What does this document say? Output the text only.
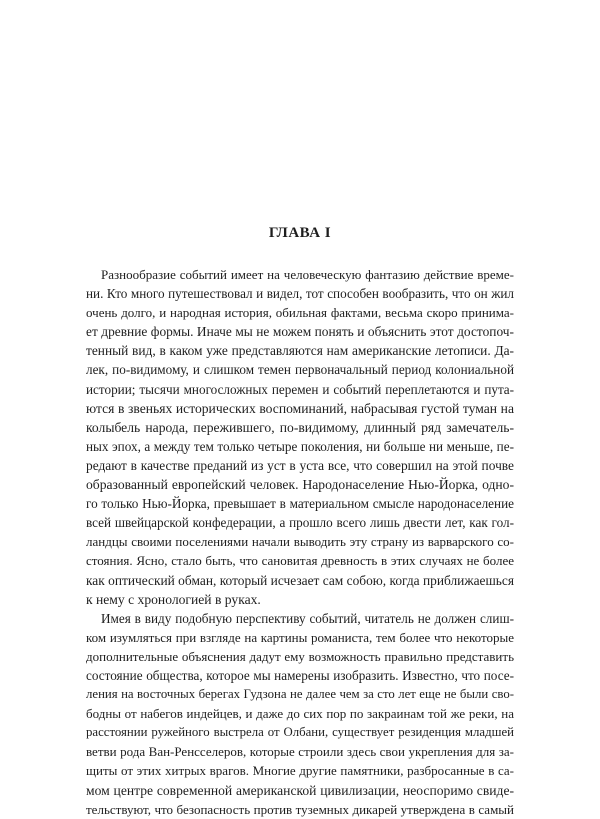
ГЛАВА I
Разнообразие событий имеет на человеческую фантазию действие време-
ни. Кто много путешествовал и видел, тот способен вообразить, что он жил
очень долго, и народная история, обильная фактами, весьма скоро принима-
ет древние формы. Иначе мы не можем понять и объяснить этот достопоч-
тенный вид, в каком уже представляются нам американские летописи. Да-
лек, по-видимому, и слишком темен первоначальный период колониальной
истории; тысячи многосложных перемен и событий переплетаются и путa-
ются в звеньях исторических воспоминаний, набрасывая густой туман на
колыбель народа, пережившего, по-видимому, длинный ряд замечатель-
ных эпох, а между тем только четыре поколения, ни больше ни меньше, пе-
редают в качестве преданий из уст в уста все, что совершил на этой почве
образованный европейский человек. Народонаселение Нью-Йорка, одно-
го только Нью-Йорка, превышает в материальном смысле народонаселение
всей швейцарской конфедерации, а прошло всего лишь двести лет, как гол-
ландцы своими поселениями начали выводить эту страну из варварского со-
стояния. Ясно, стало быть, что сановитая древность в этих случаях не более
как оптический обман, который исчезает сам собою, когда приближаешься
к нему с хронологией в руках.
Имея в виду подобную перспективу событий, читатель не должен слиш-
ком изумляться при взгляде на картины романиста, тем более что некоторые
дополнительные объяснения дадут ему возможность правильно представить
состояние общества, которое мы намерены изобразить. Известно, что посе-
ления на восточных берегах Гудзона не далее чем за сто лет еще не были сво-
бодны от набегов индейцев, и даже до сих пор по закраинам той же реки, на
расстоянии ружейного выстрела от Олбани, существует резиденция младшей
ветви рода Ван-Ренсселеров, которые строили здесь свои укрепления для за-
щиты от этих хитрых врагов. Многие другие памятники, разбросанные в са-
мом центре современной американской цивилизации, неоспоримо свиде-
тельствуют, что безопасность против туземных дикарей утверждена в самый
